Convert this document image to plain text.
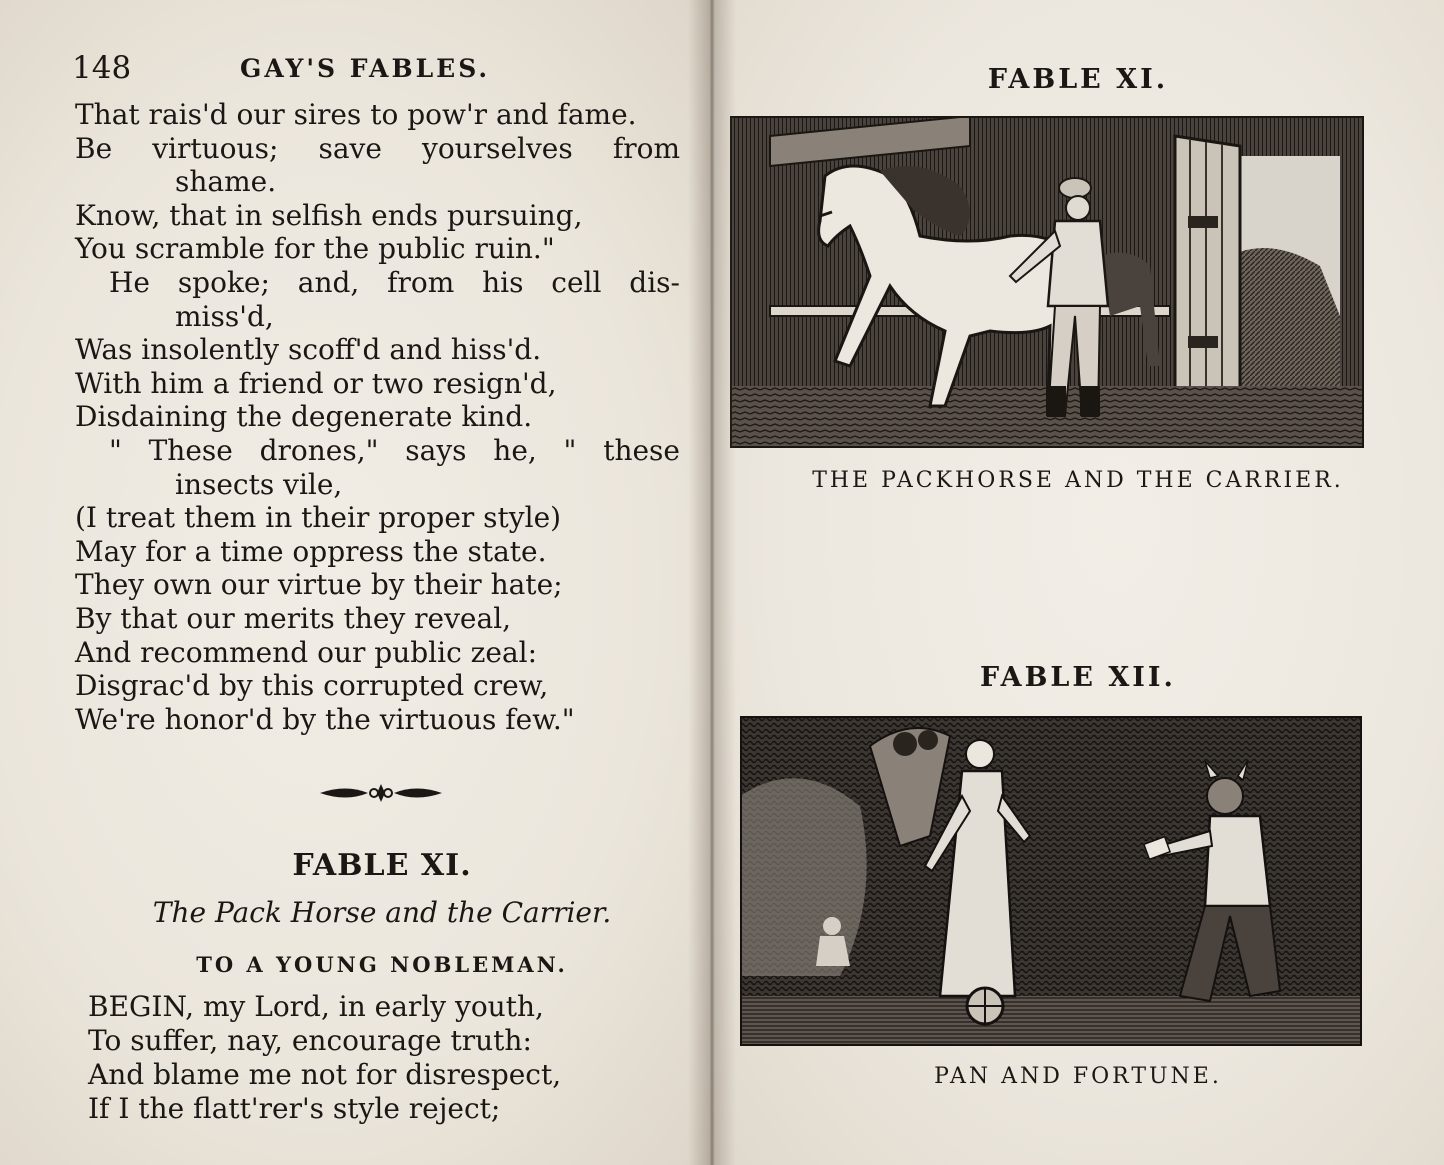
148	GAY'S FABLES.
That rais'd our sires to pow'r and fame.
Be virtuous; save yourselves from
shame.
Know, that in selfish ends pursuing,
You scramble for the public ruin."
He spoke; and, from his cell dis-
miss'd,
Was insolently scoff'd and hiss'd.
With him a friend or two resign'd,
Disdaining the degenerate kind.
" These drones," says he, " these
insects vile,
(I treat them in their proper style)
May for a time oppress the state.
They own our virtue by their hate;
By that our merits they reveal,
And recommend our public zeal:
Disgrac'd by this corrupted crew,
We're honor'd by the virtuous few."
FABLE XI.
The Pack Horse and the Carrier.
TO A YOUNG NOBLEMAN.
BEGIN, my Lord, in early youth,
To suffer, nay, encourage truth:
And blame me not for disrespect,
If I the flatt'rer's style reject;
FABLE XI.
THE PACKHORSE AND THE CARRIER.
FABLE XII.
PAN AND FORTUNE.
